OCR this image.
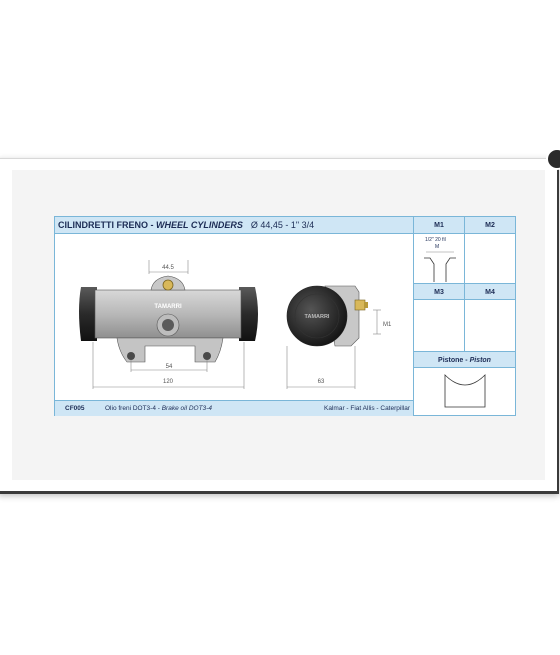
CILINDRETTI FRENO - WHEEL CYLINDERS Ø 44,45 - 1" 3/4
44.5
TAMARRI
54
120
TAMARRI
M1
63
CF005	Olio freni DOT3-4 - Brake oil DOT3-4	Kalmar - Fiat Allis - Caterpillar
M1	M2
1/2" 20 fil
M
M3	M4
Pistone - Piston
